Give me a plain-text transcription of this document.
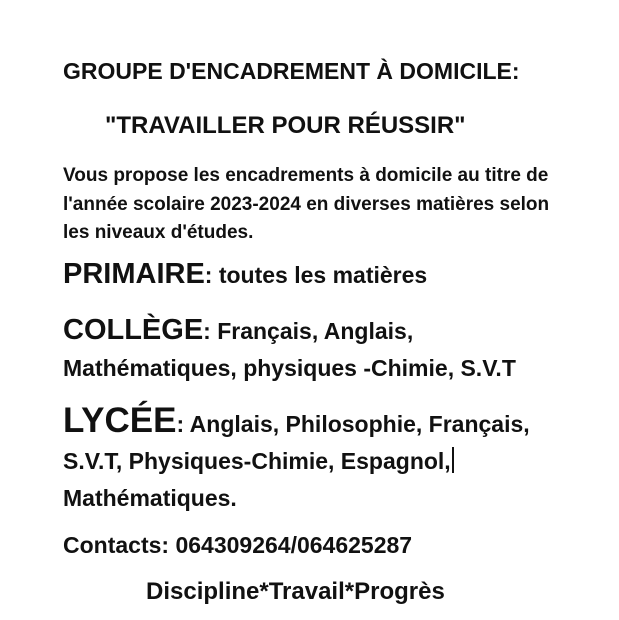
GROUPE D'ENCADREMENT À DOMICILE:
"TRAVAILLER POUR RÉUSSIR"
Vous propose les encadrements à domicile au titre de
l'année scolaire 2023-2024 en diverses matières selon
les niveaux d'études.
PRIMAIRE: toutes les matières
COLLÈGE: Français, Anglais,
Mathématiques, physiques -Chimie, S.V.T
LYCÉE: Anglais, Philosophie, Français,
S.V.T, Physiques-Chimie, Espagnol,
Mathématiques.
Contacts: 064309264/064625287
Discipline*Travail*Progrès
